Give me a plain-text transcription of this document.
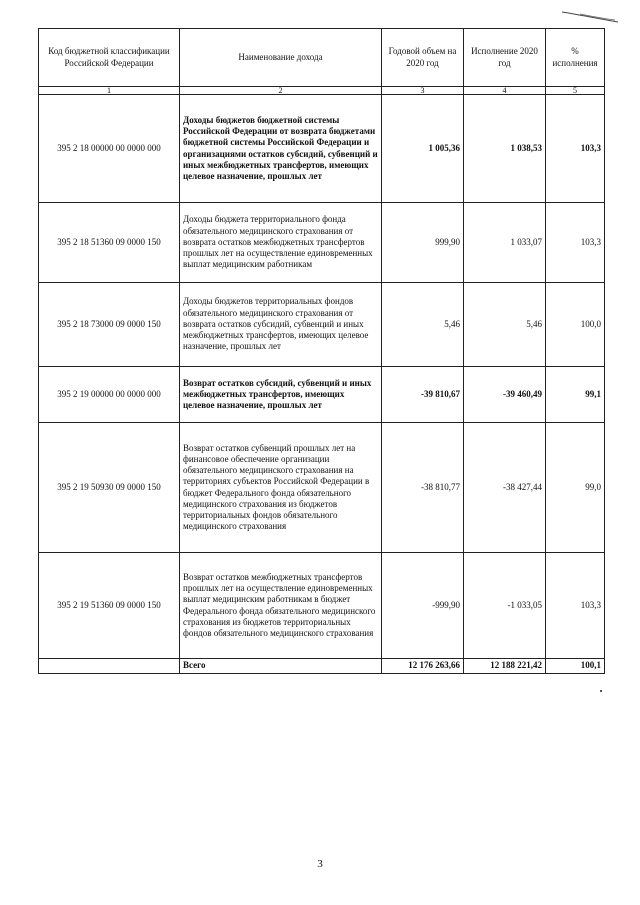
Код бюджетной классификации Российской Федерации	Наименование дохода	Годовой объем на 2020 год	Исполнение 2020 год	% исполнения
1	2	3	4	5
395 2 18 00000 00 0000 000	Доходы бюджетов бюджетной системы Российской Федерации от возврата бюджетами бюджетной системы Российской Федерации и организациями остатков субсидий, субвенций и иных межбюджетных трансфертов, имеющих целевое назначение, прошлых лет	1 005,36	1 038,53	103,3
395 2 18 51360 09 0000 150	Доходы бюджета территориального фонда обязательного медицинского страхования от возврата остатков межбюджетных трансфертов прошлых лет на осуществление единовременных выплат медицинским работникам	999,90	1 033,07	103,3
395 2 18 73000 09 0000 150	Доходы бюджетов территориальных фондов обязательного медицинского страхования от возврата остатков субсидий, субвенций и иных межбюджетных трансфертов, имеющих целевое назначение, прошлых лет	5,46	5,46	100,0
395 2 19 00000 00 0000 000	Возврат остатков субсидий, субвенций и иных межбюджетных трансфертов, имеющих целевое назначение, прошлых лет	-39 810,67	-39 460,49	99,1
395 2 19 50930 09 0000 150	Возврат остатков субвенций прошлых лет на финансовое обеспечение организации обязательного медицинского страхования на территориях субъектов Российской Федерации в бюджет Федерального фонда обязательного медицинского страхования из бюджетов территориальных фондов обязательного медицинского страхования	-38 810,77	-38 427,44	99,0
395 2 19 51360 09 0000 150	Возврат остатков межбюджетных трансфертов прошлых лет на осуществление единовременных выплат медицинским работникам в бюджет Федерального фонда обязательного медицинского страхования из бюджетов территориальных фондов обязательного медицинского страхования	-999,90	-1 033,05	103,3
	Всего	12 176 263,66	12 188 221,42	100,1
3
